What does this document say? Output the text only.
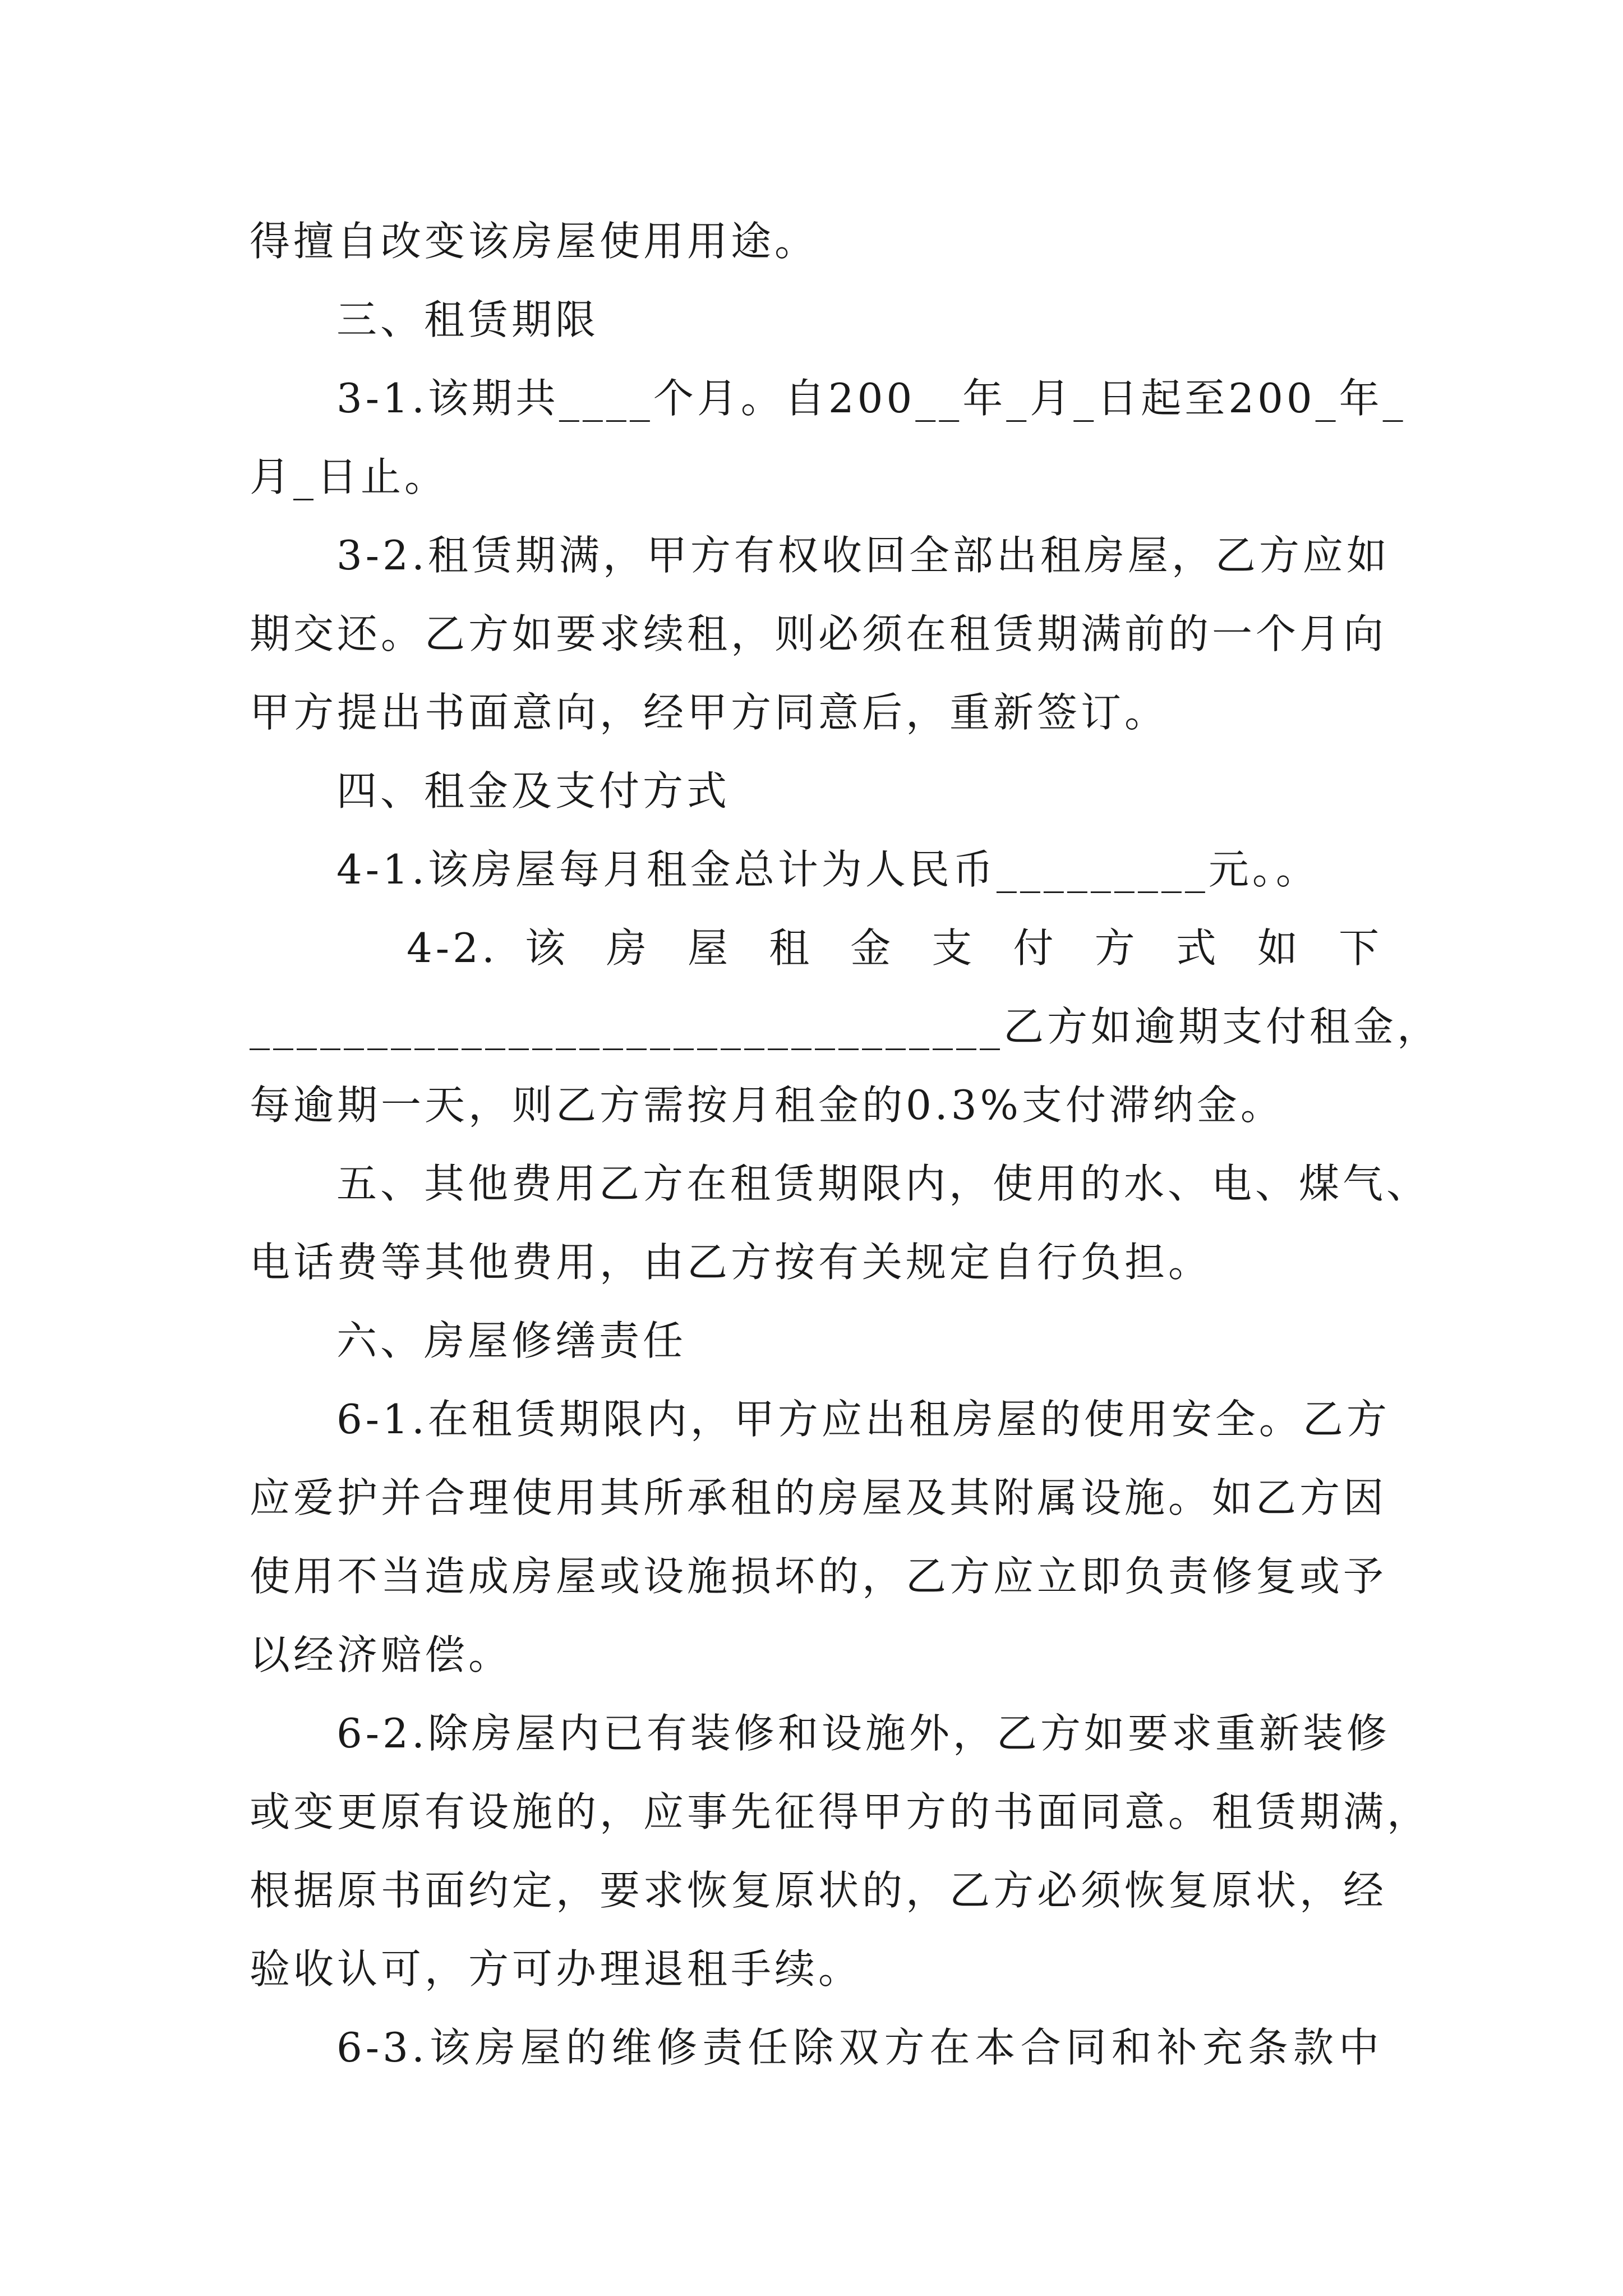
得擅自改变该房屋使用用途。
三、租赁期限
3-1.该期共____个月。自200__年_月_日起至200_年_
月_日止。
3-2.租赁期满，甲方有权收回全部出租房屋，乙方应如
期交还。乙方如要求续租，则必须在租赁期满前的一个月向
甲方提出书面意向，经甲方同意后，重新签订。
四、租金及支付方式
4-1.该房屋每月租金总计为人民币_________元。。
4-2. 该 房 屋 租 金 支 付 方 式 如 下
________________________________乙方如逾期支付租金，
每逾期一天，则乙方需按月租金的0.3%支付滞纳金。
五、其他费用乙方在租赁期限内，使用的水、电、煤气、
电话费等其他费用，由乙方按有关规定自行负担。
六、房屋修缮责任
6-1.在租赁期限内，甲方应出租房屋的使用安全。乙方
应爱护并合理使用其所承租的房屋及其附属设施。如乙方因
使用不当造成房屋或设施损坏的，乙方应立即负责修复或予
以经济赔偿。
6-2.除房屋内已有装修和设施外，乙方如要求重新装修
或变更原有设施的，应事先征得甲方的书面同意。租赁期满，
根据原书面约定，要求恢复原状的，乙方必须恢复原状，经
验收认可，方可办理退租手续。
6-3.该房屋的维修责任除双方在本合同和补充条款中
